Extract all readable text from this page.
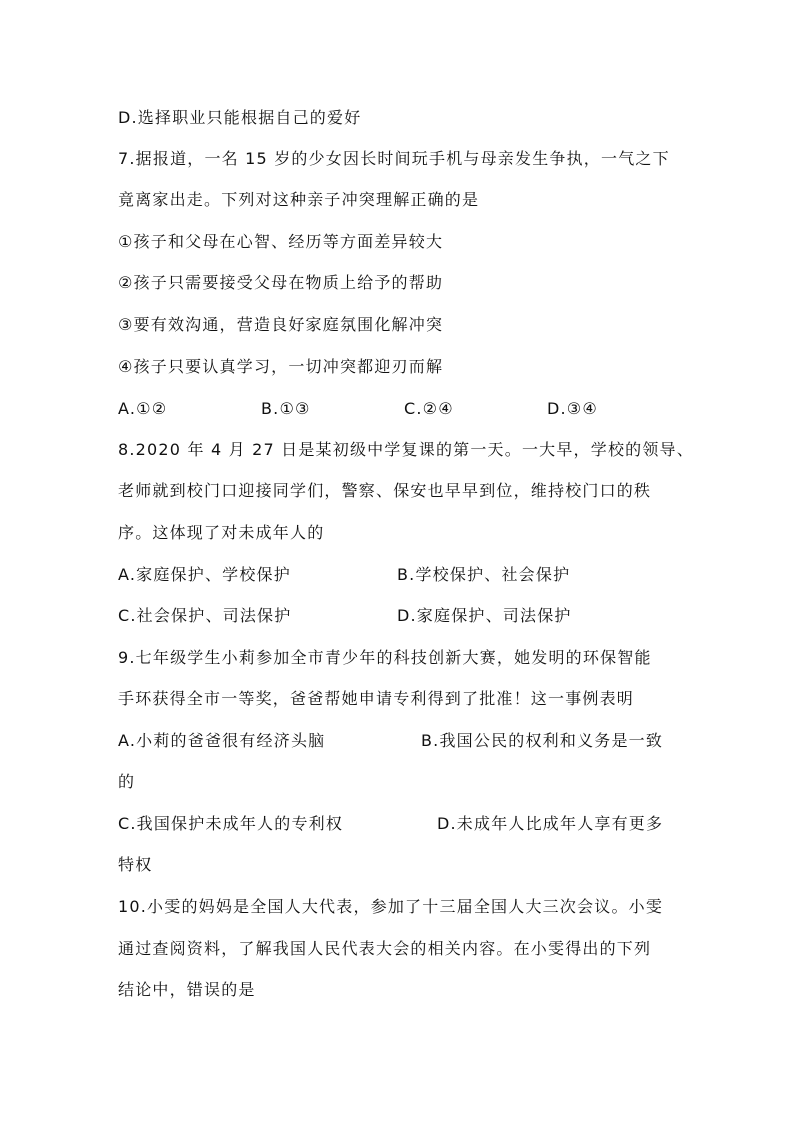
D.选择职业只能根据自己的爱好
7.据报道，一名 15 岁的少女因长时间玩手机与母亲发生争执，一气之下
竟离家出走。下列对这种亲子冲突理解正确的是
①孩子和父母在心智、经历等方面差异较大
②孩子只需要接受父母在物质上给予的帮助
③要有效沟通，营造良好家庭氛围化解冲突
④孩子只要认真学习，一切冲突都迎刃而解
A.①②	B.①③	C.②④	D.③④
8.2020 年 4 月 27 日是某初级中学复课的第一天。一大早，学校的领导、
老师就到校门口迎接同学们，警察、保安也早早到位，维持校门口的秩
序。这体现了对未成年人的
A.家庭保护、学校保护	B.学校保护、社会保护
C.社会保护、司法保护	D.家庭保护、司法保护
9.七年级学生小莉参加全市青少年的科技创新大赛，她发明的环保智能
手环获得全市一等奖，爸爸帮她申请专利得到了批准！这一事例表明
A.小莉的爸爸很有经济头脑	B.我国公民的权利和义务是一致
的
C.我国保护未成年人的专利权	D.未成年人比成年人享有更多
特权
10.小雯的妈妈是全国人大代表，参加了十三届全国人大三次会议。小雯
通过查阅资料，了解我国人民代表大会的相关内容。在小雯得出的下列
结论中，错误的是
